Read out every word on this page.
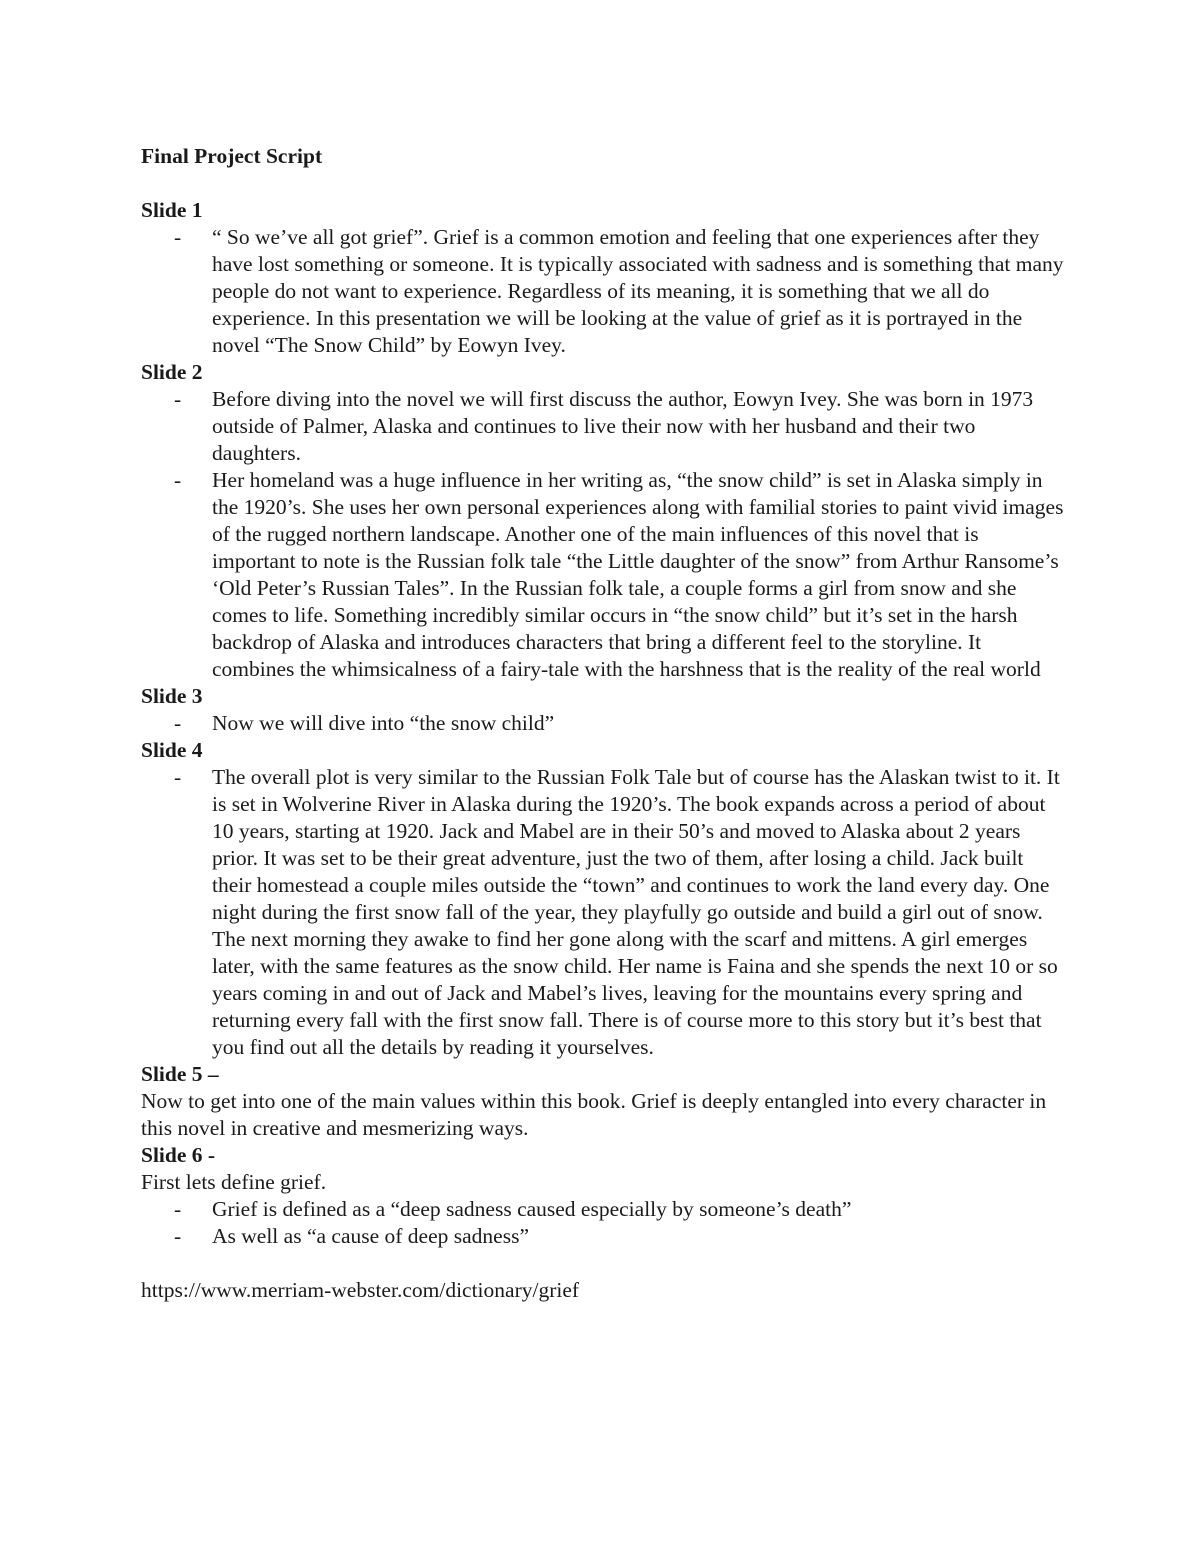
Final Project Script
Slide 1
- “ So we’ve all got grief”. Grief is a common emotion and feeling that one experiences after they have lost something or someone. It is typically associated with sadness and is something that many people do not want to experience. Regardless of its meaning, it is something that we all do experience. In this presentation we will be looking at the value of grief as it is portrayed in the novel “The Snow Child” by Eowyn Ivey.
Slide 2
- Before diving into the novel we will first discuss the author, Eowyn Ivey. She was born in 1973 outside of Palmer, Alaska and continues to live their now with her husband and their two daughters.
- Her homeland was a huge influence in her writing as, “the snow child” is set in Alaska simply in the 1920’s. She uses her own personal experiences along with familial stories to paint vivid images of the rugged northern landscape. Another one of the main influences of this novel that is important to note is the Russian folk tale “the Little daughter of the snow” from Arthur Ransome’s ‘Old Peter’s Russian Tales”. In the Russian folk tale, a couple forms a girl from snow and she comes to life. Something incredibly similar occurs in “the snow child” but it’s set in the harsh backdrop of Alaska and introduces characters that bring a different feel to the storyline. It combines the whimsicalness of a fairy-tale with the harshness that is the reality of the real world
Slide 3
- Now we will dive into “the snow child”
Slide 4
- The overall plot is very similar to the Russian Folk Tale but of course has the Alaskan twist to it. It is set in Wolverine River in Alaska during the 1920’s. The book expands across a period of about 10 years, starting at 1920. Jack and Mabel are in their 50’s and moved to Alaska about 2 years prior. It was set to be their great adventure, just the two of them, after losing a child. Jack built their homestead a couple miles outside the “town” and continues to work the land every day. One night during the first snow fall of the year, they playfully go outside and build a girl out of snow. The next morning they awake to find her gone along with the scarf and mittens. A girl emerges later, with the same features as the snow child. Her name is Faina and she spends the next 10 or so years coming in and out of Jack and Mabel’s lives, leaving for the mountains every spring and returning every fall with the first snow fall. There is of course more to this story but it’s best that you find out all the details by reading it yourselves.
Slide 5 –
Now to get into one of the main values within this book. Grief is deeply entangled into every character in this novel in creative and mesmerizing ways.
Slide 6 -
First lets define grief.
- Grief is defined as a “deep sadness caused especially by someone’s death”
- As well as “a cause of deep sadness”
https://www.merriam-webster.com/dictionary/grief
